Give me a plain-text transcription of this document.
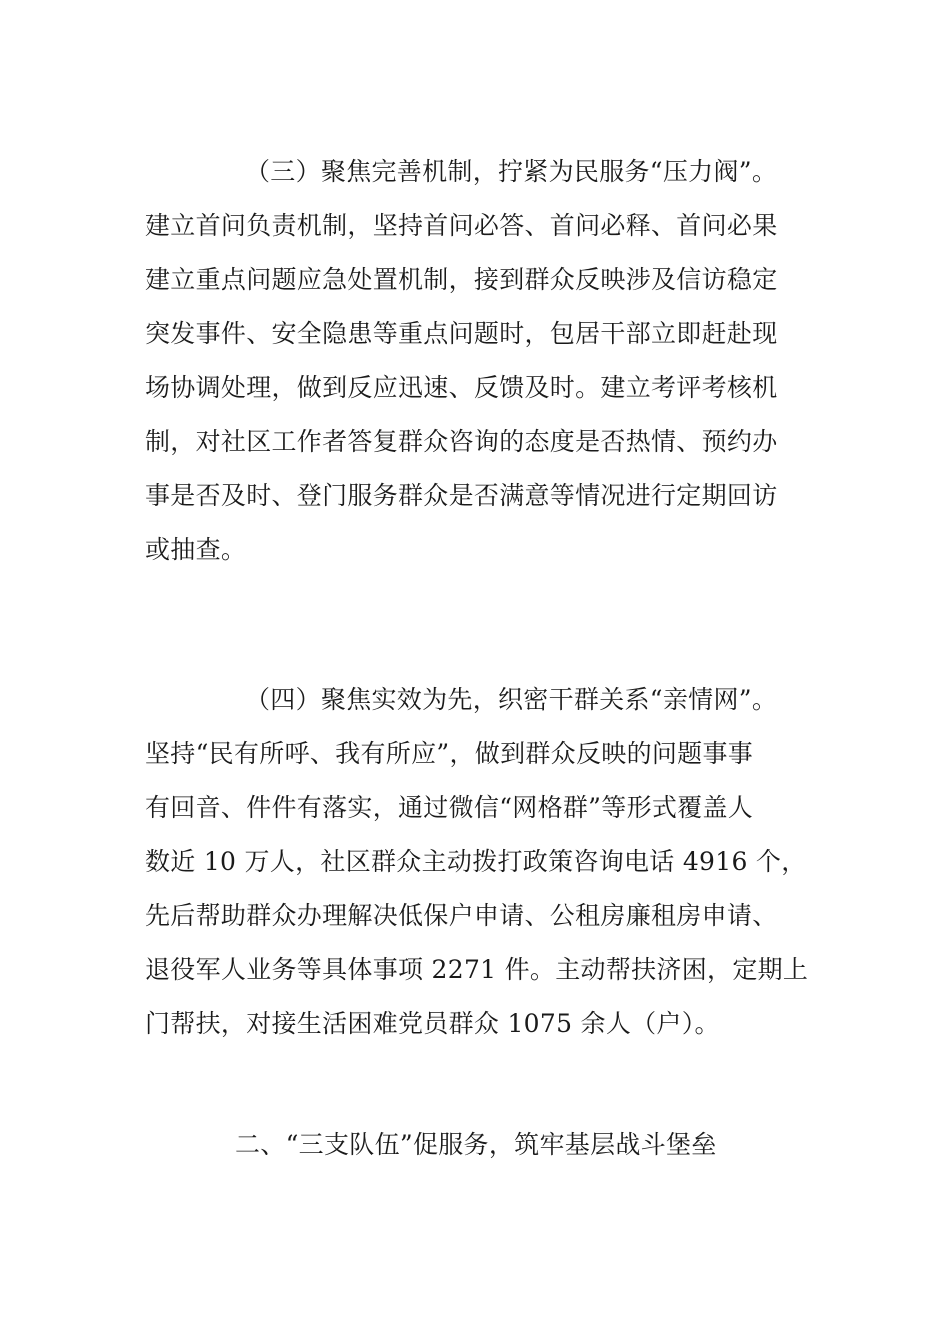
（三）聚焦完善机制，拧紧为民服务“压力阀”。
建立首问负责机制，坚持首问必答、首问必释、首问必果
建立重点问题应急处置机制，接到群众反映涉及信访稳定
突发事件、安全隐患等重点问题时，包居干部立即赶赴现
场协调处理，做到反应迅速、反馈及时。建立考评考核机
制，对社区工作者答复群众咨询的态度是否热情、预约办
事是否及时、登门服务群众是否满意等情况进行定期回访
或抽查。
（四）聚焦实效为先，织密干群关系“亲情网”。
坚持“民有所呼、我有所应”，做到群众反映的问题事事
有回音、件件有落实，通过微信“网格群”等形式覆盖人
数近 10 万人，社区群众主动拨打政策咨询电话 4916 个，
先后帮助群众办理解决低保户申请、公租房廉租房申请、
退役军人业务等具体事项 2271 件。主动帮扶济困，定期上
门帮扶，对接生活困难党员群众 1075 余人（户）。
二、“三支队伍”促服务，筑牢基层战斗堡垒
